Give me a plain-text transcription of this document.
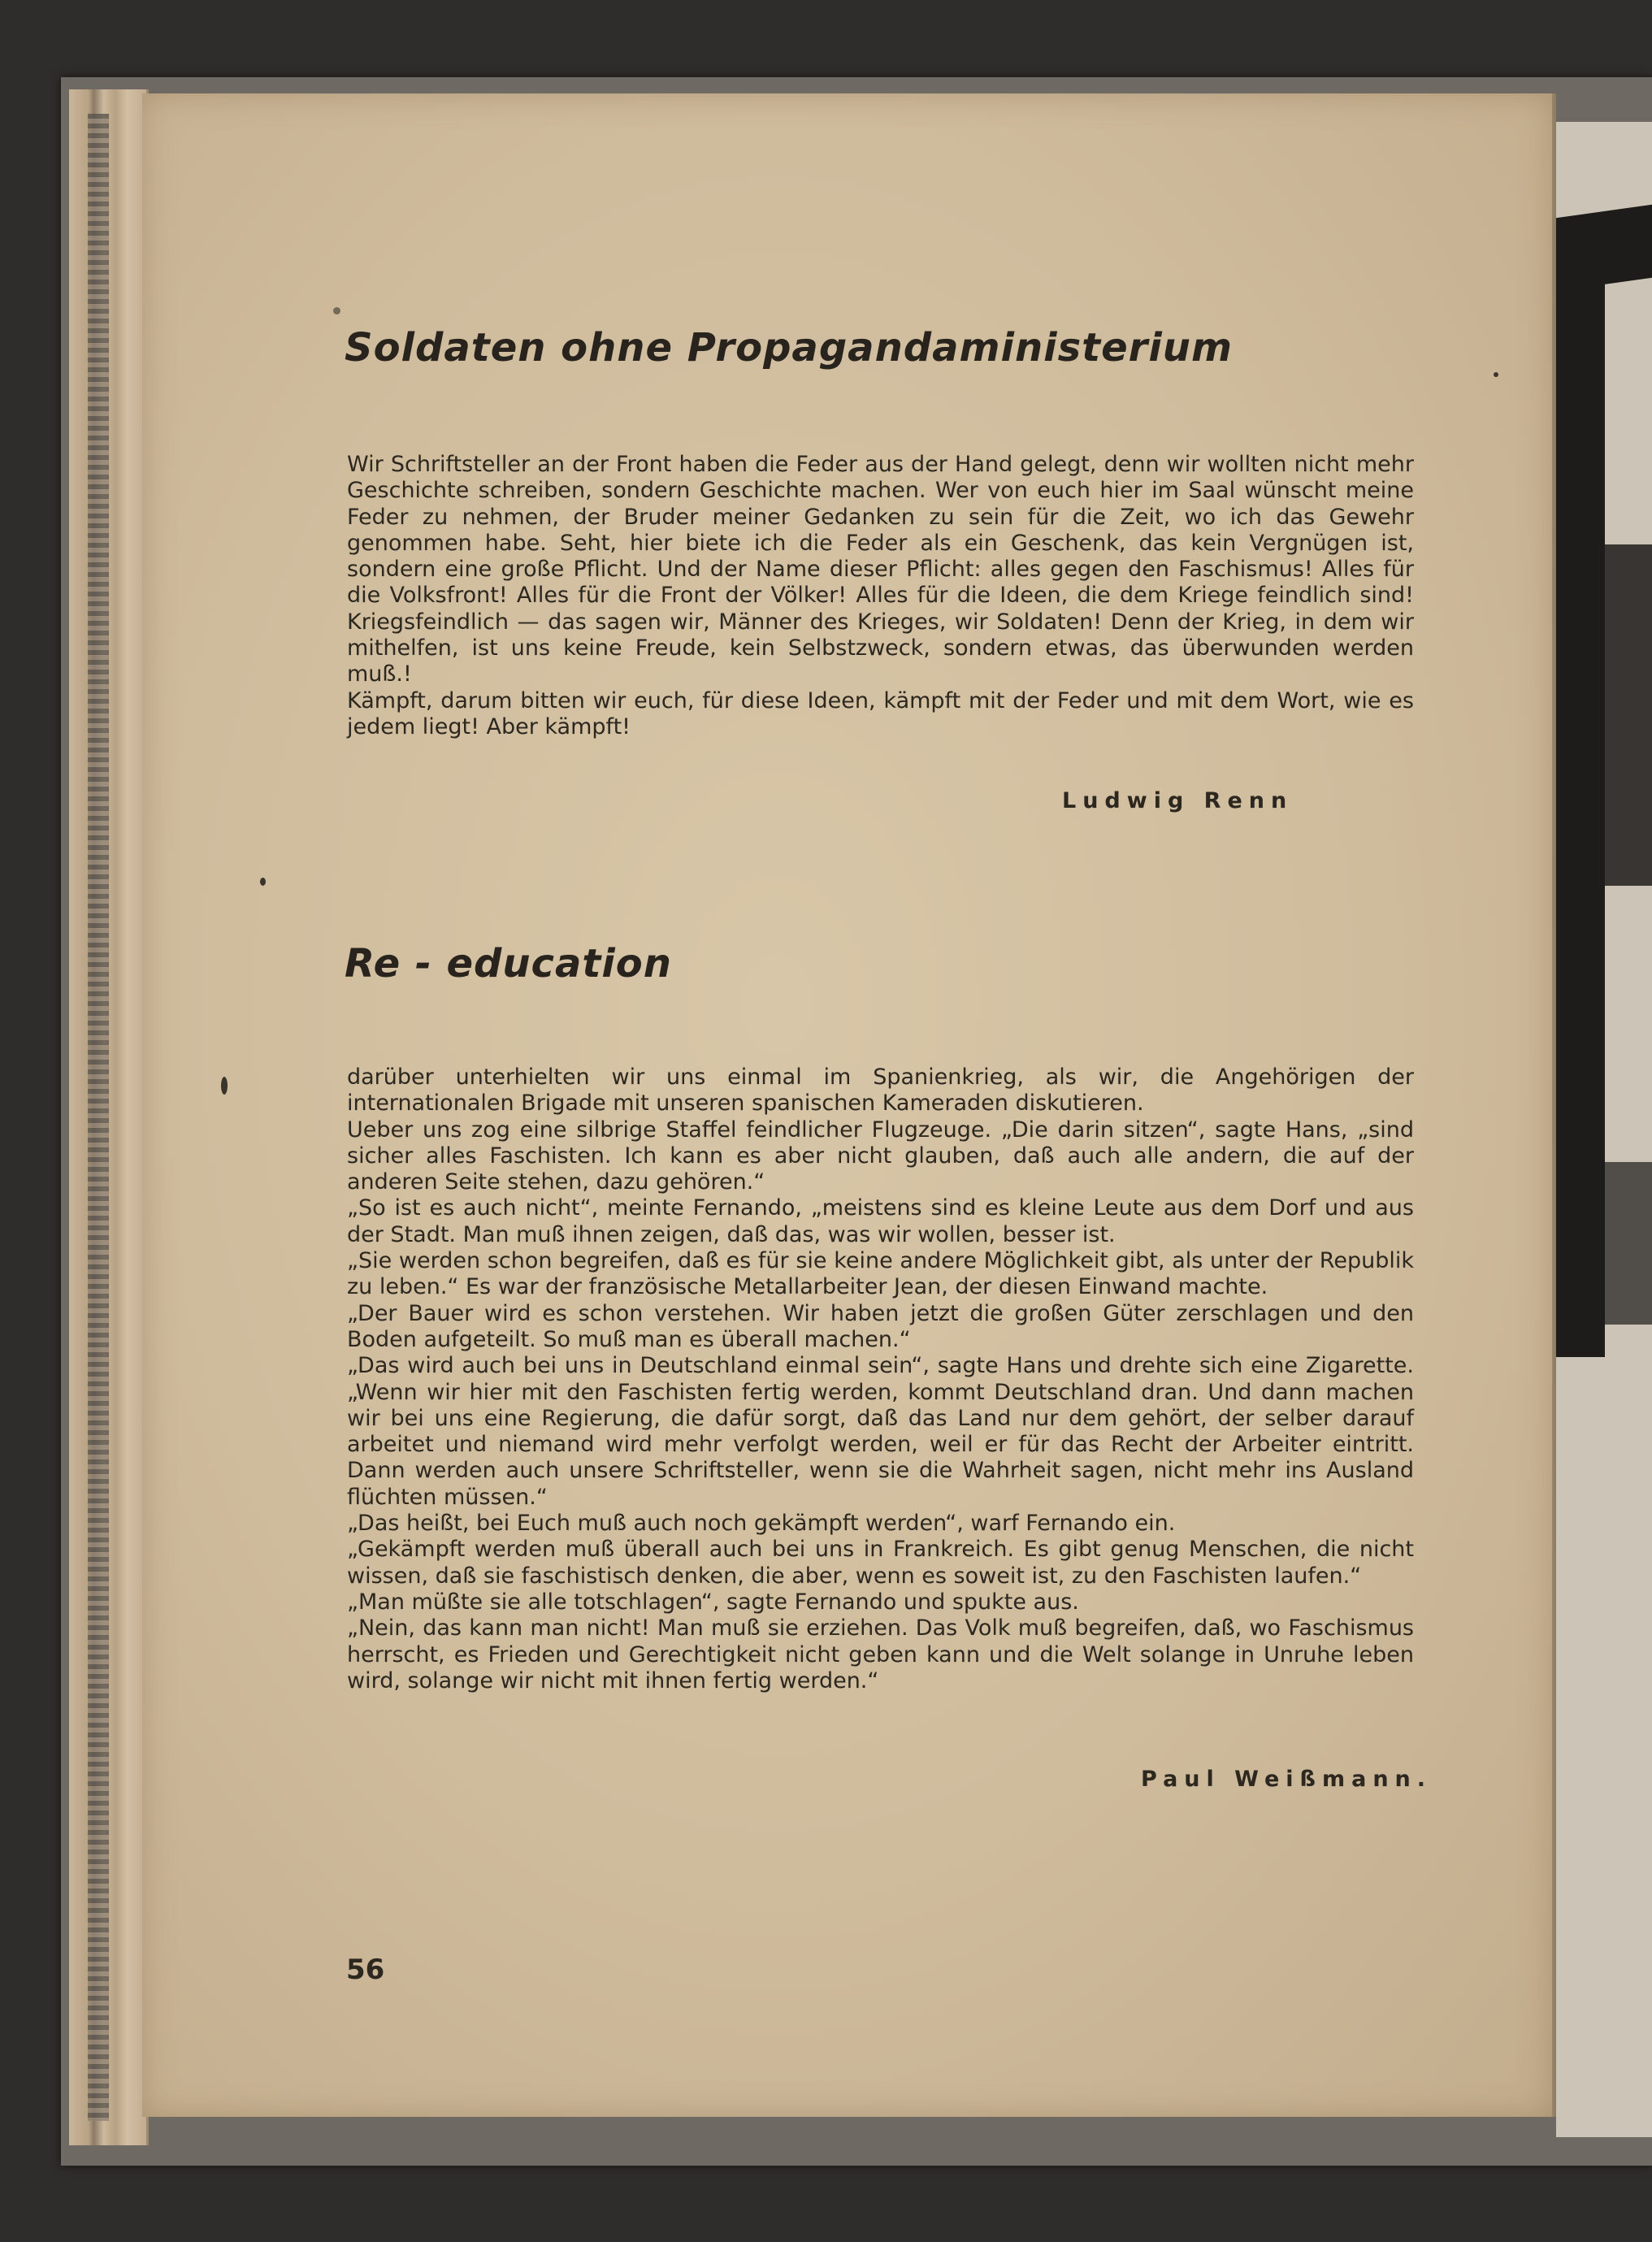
Soldaten ohne Propagandaministerium

Wir Schriftsteller an der Front haben die Feder aus der Hand gelegt, denn wir wollten nicht mehr Geschichte schreiben, sondern Geschichte machen. Wer von euch hier im Saal wünscht meine Feder zu nehmen, der Bruder meiner Gedanken zu sein für die Zeit, wo ich das Gewehr genommen habe. Seht, hier biete ich die Feder als ein Geschenk, das kein Vergnügen ist, sondern eine große Pflicht. Und der Name dieser Pflicht: alles gegen den Faschismus! Alles für die Volksfront! Alles für die Front der Völker! Alles für die Ideen, die dem Kriege feindlich sind! Kriegsfeindlich — das sagen wir, Männer des Krieges, wir Soldaten! Denn der Krieg, in dem wir mithelfen, ist uns keine Freude, kein Selbstzweck, sondern etwas, das überwunden werden muß.!

Kämpft, darum bitten wir euch, für diese Ideen, kämpft mit der Feder und mit dem Wort, wie es jedem liegt! Aber kämpft!

Ludwig Renn
Re - education

darüber unterhielten wir uns einmal im Spanienkrieg, als wir, die Angehörigen der internationalen Brigade mit unseren spanischen Kameraden diskutieren.

Ueber uns zog eine silbrige Staffel feindlicher Flugzeuge. „Die darin sitzen“, sagte Hans, „sind sicher alles Faschisten. Ich kann es aber nicht glauben, daß auch alle andern, die auf der anderen Seite stehen, dazu gehören.“

„So ist es auch nicht“, meinte Fernando, „meistens sind es kleine Leute aus dem Dorf und aus der Stadt. Man muß ihnen zeigen, daß das, was wir wollen, besser ist.

„Sie werden schon begreifen, daß es für sie keine andere Möglichkeit gibt, als unter der Republik zu leben.“ Es war der französische Metallarbeiter Jean, der diesen Einwand machte.

„Der Bauer wird es schon verstehen. Wir haben jetzt die großen Güter zerschlagen und den Boden aufgeteilt. So muß man es überall machen.“

„Das wird auch bei uns in Deutschland einmal sein“, sagte Hans und drehte sich eine Zigarette. „Wenn wir hier mit den Faschisten fertig werden, kommt Deutschland dran. Und dann machen wir bei uns eine Regierung, die dafür sorgt, daß das Land nur dem gehört, der selber darauf arbeitet und niemand wird mehr verfolgt werden, weil er für das Recht der Arbeiter eintritt. Dann werden auch unsere Schriftsteller, wenn sie die Wahrheit sagen, nicht mehr ins Ausland flüchten müssen.“

„Das heißt, bei Euch muß auch noch gekämpft werden“, warf Fernando ein.

„Gekämpft werden muß überall auch bei uns in Frankreich. Es gibt genug Menschen, die nicht wissen, daß sie faschistisch denken, die aber, wenn es soweit ist, zu den Faschisten laufen.“

„Man müßte sie alle totschlagen“, sagte Fernando und spukte aus.

„Nein, das kann man nicht! Man muß sie erziehen. Das Volk muß begreifen, daß, wo Faschismus herrscht, es Frieden und Gerechtigkeit nicht geben kann und die Welt solange in Unruhe leben wird, solange wir nicht mit ihnen fertig werden.“

Paul Weißmann.
56
